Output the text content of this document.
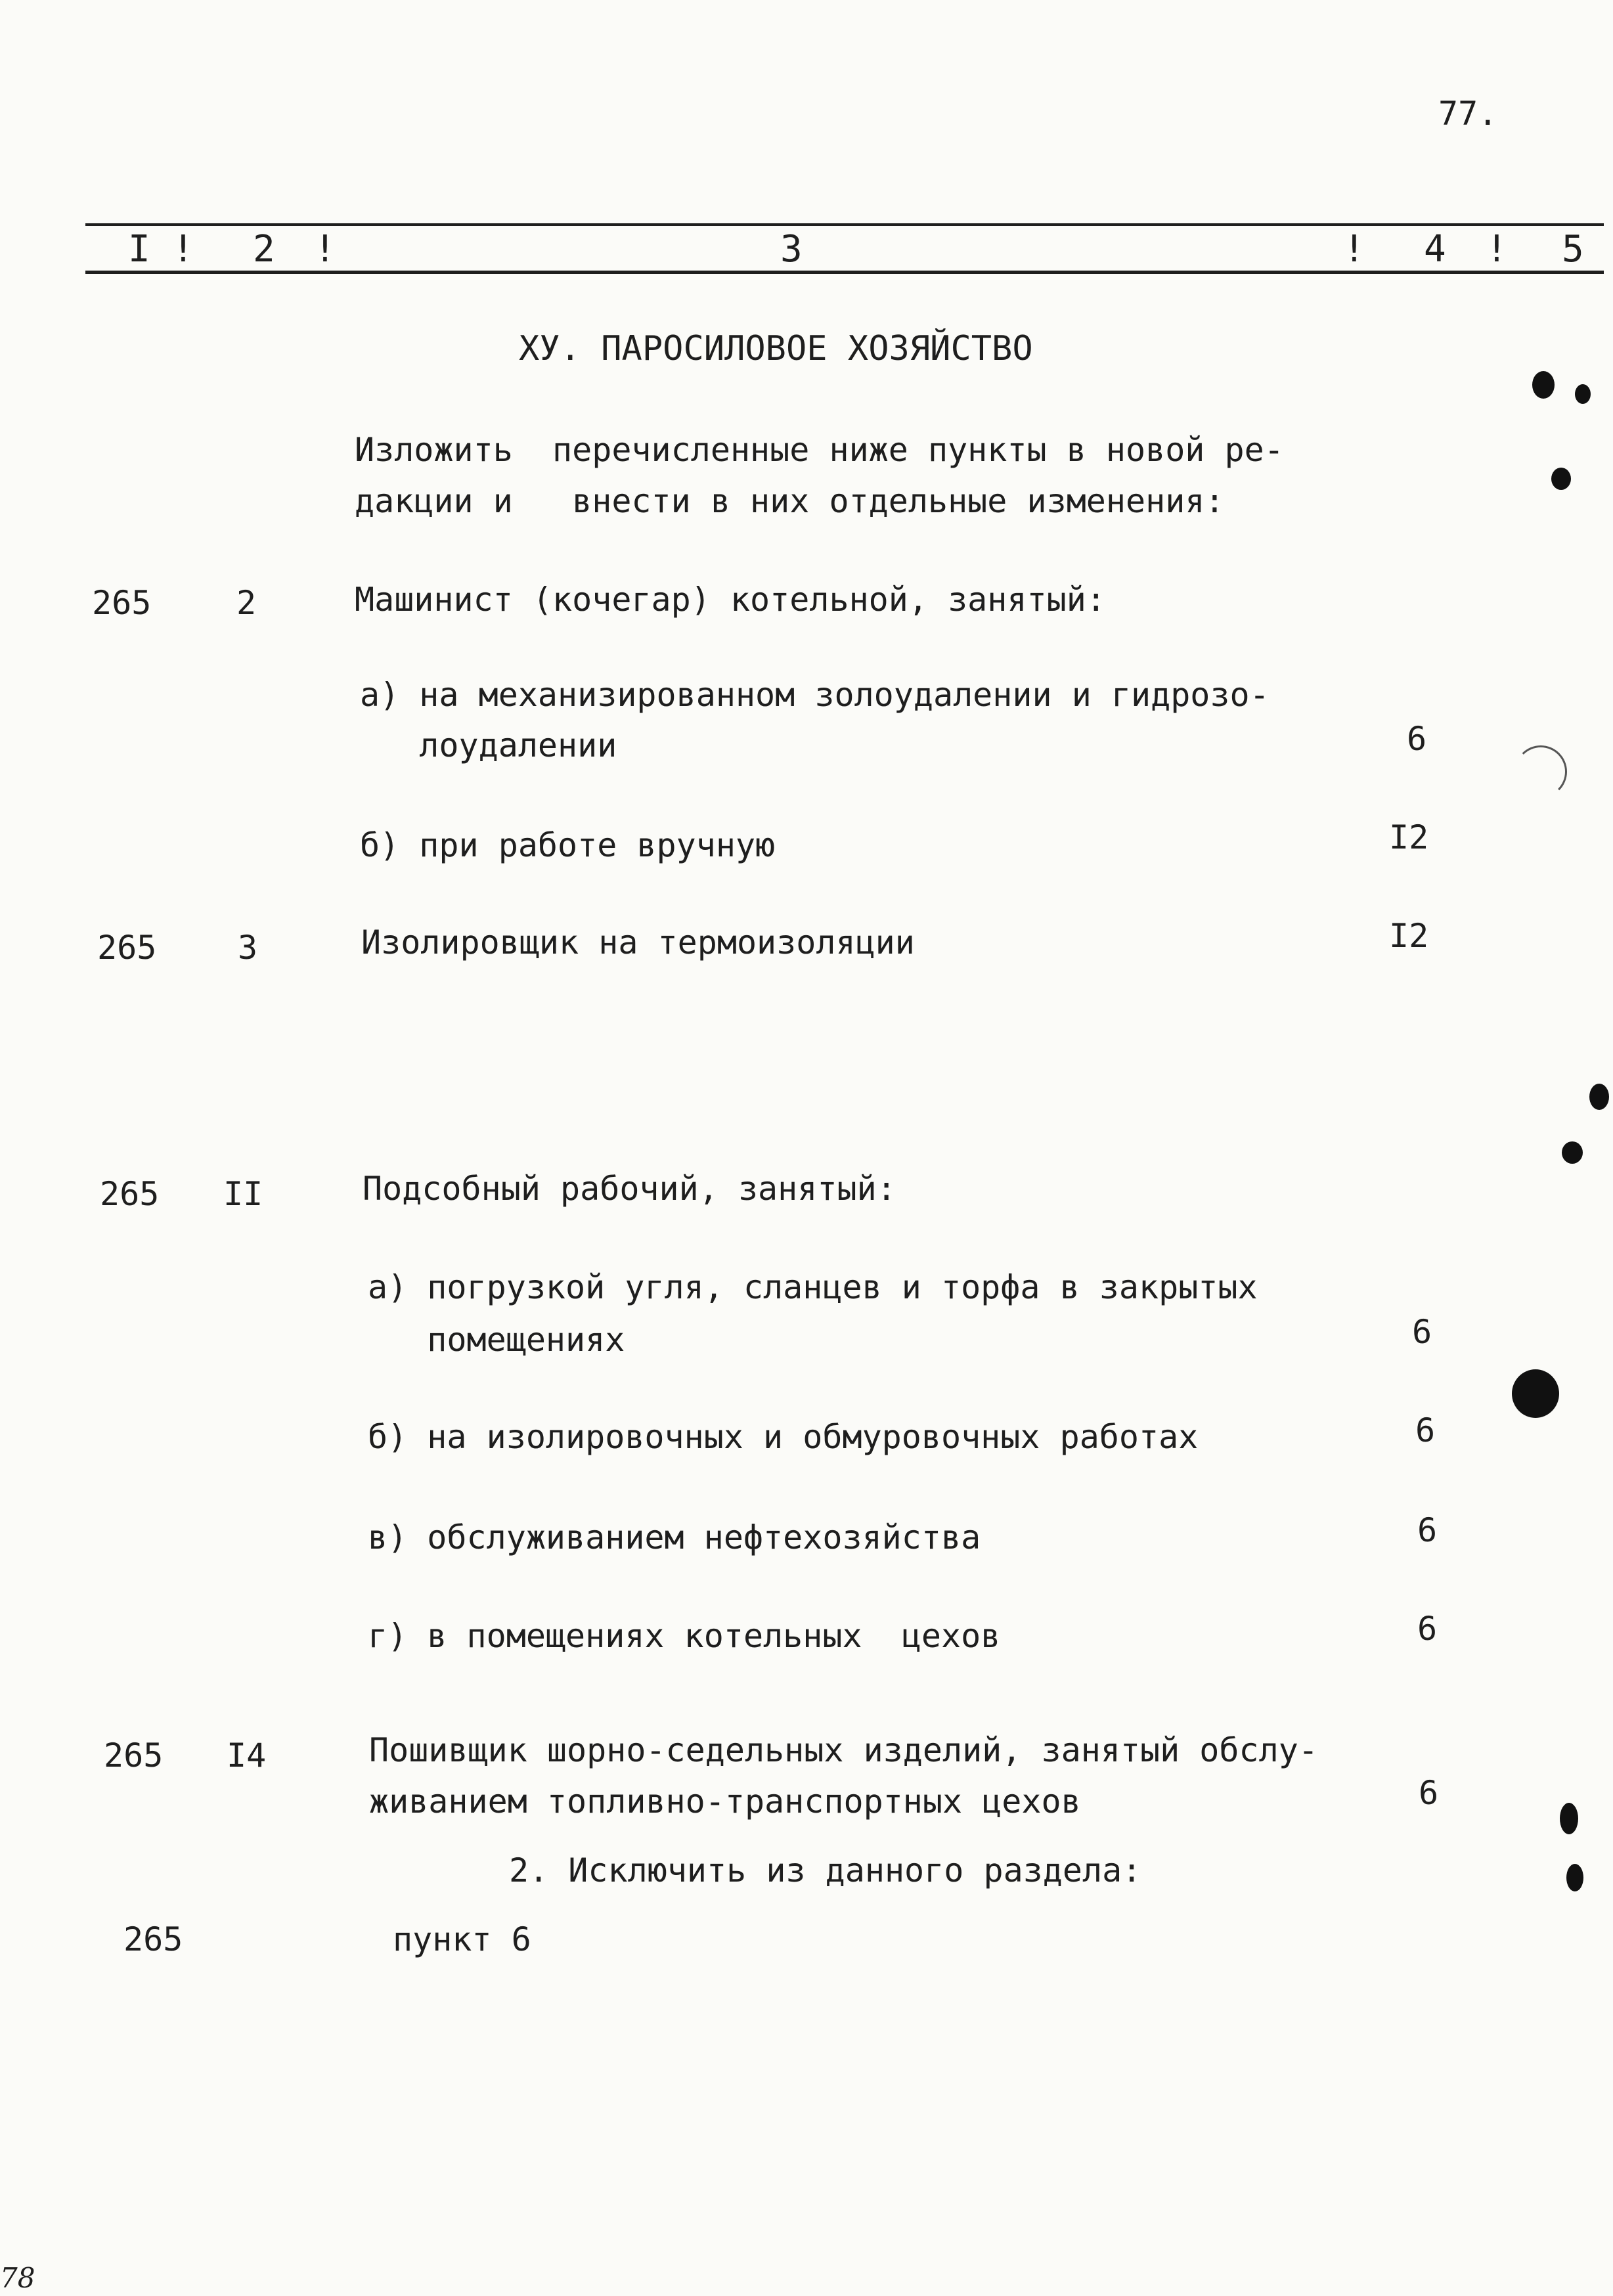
77.
I ! 2 !	3	! 4 ! 5
ХУ. ПАРОСИЛОВОЕ ХОЗЯЙСТВО
Изложить  перечисленные ниже пункты в новой ре-
дакции и   внести в них отдельные изменения:
265	2	Машинист (кочегар) котельной, занятый:
а) на механизированном золоудалении и гидрозо-
лоудалении	6
б) при работе вручную	I2
265 3	Изолировщик на термоизоляции	I2
265 II	Подсобный рабочий, занятый:
а) погрузкой угля, сланцев и торфа в закрытых
помещениях	6
б) на изолировочных и обмуровочных работах	6
в) обслуживанием нефтехозяйства	6
г) в помещениях котельных  цехов	6
265 I4	Пошивщик шорно-седельных изделий, занятый обслу-
живанием топливно-транспортных цехов	6
2. Исключить из данного раздела:
265	пункт 6
78
